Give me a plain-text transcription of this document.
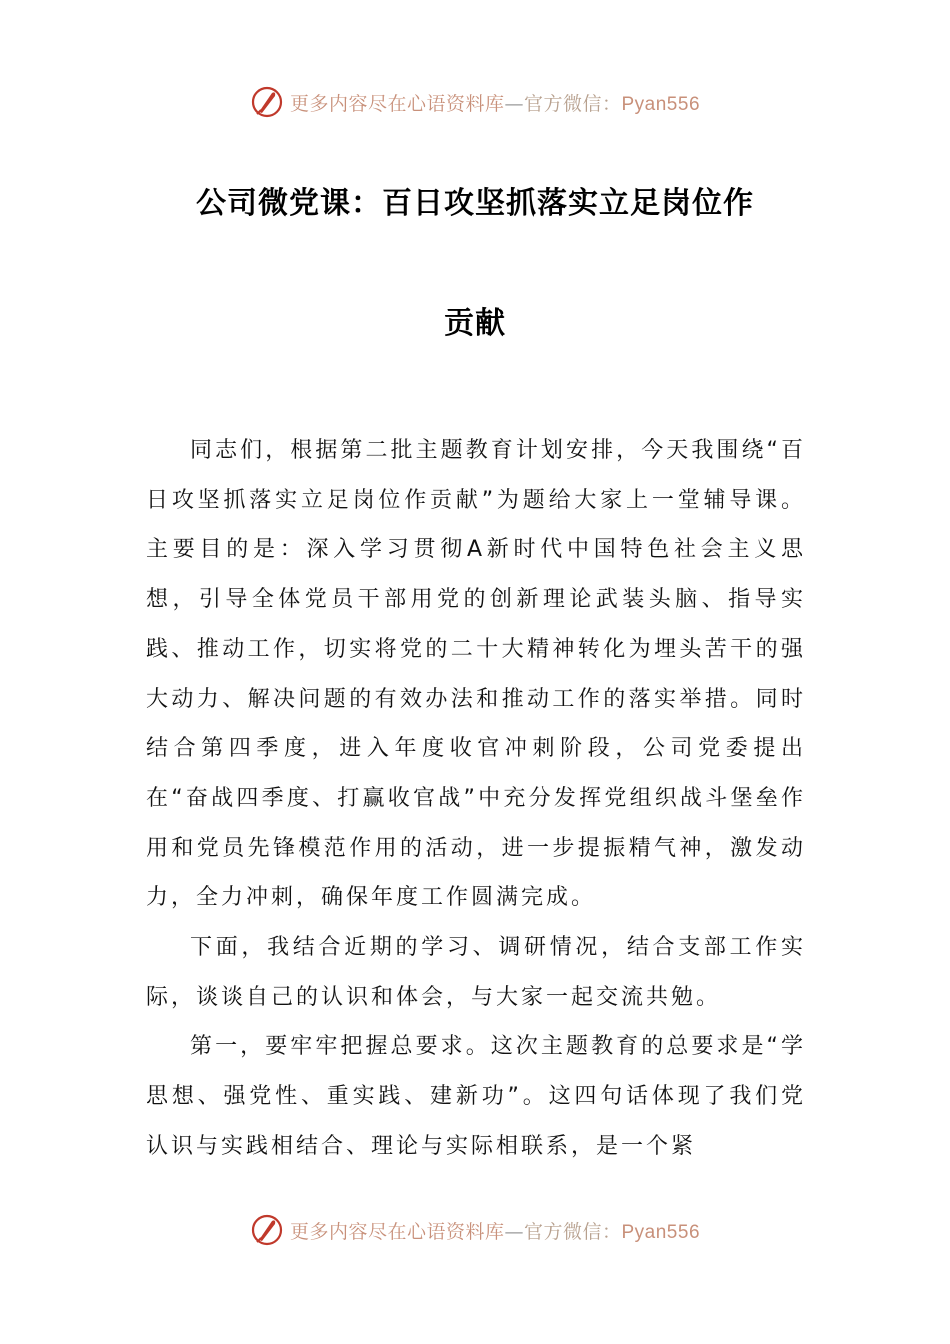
更多内容尽在心语资料库—官方微信：Pyan556
公司微党课：百日攻坚抓落实立足岗位作
贡献

同志们，根据第二批主题教育计划安排，今天我围绕“百日攻坚抓落实立足岗位作贡献”为题给大家上一堂辅导课。主要目的是：深入学习贯彻A新时代中国特色社会主义思想，引导全体党员干部用党的创新理论武装头脑、指导实践、推动工作，切实将党的二十大精神转化为埋头苦干的强大动力、解决问题的有效办法和推动工作的落实举措。同时结合第四季度，进入年度收官冲刺阶段，公司党委提出在“奋战四季度、打赢收官战”中充分发挥党组织战斗堡垒作用和党员先锋模范作用的活动，进一步提振精气神，激发动力，全力冲刺，确保年度工作圆满完成。

下面，我结合近期的学习、调研情况，结合支部工作实际，谈谈自己的认识和体会，与大家一起交流共勉。

第一，要牢牢把握总要求。这次主题教育的总要求是“学思想、强党性、重实践、建新功”。这四句话体现了我们党认识与实践相结合、理论与实际相联系，是一个紧

更多内容尽在心语资料库—官方微信：Pyan556
